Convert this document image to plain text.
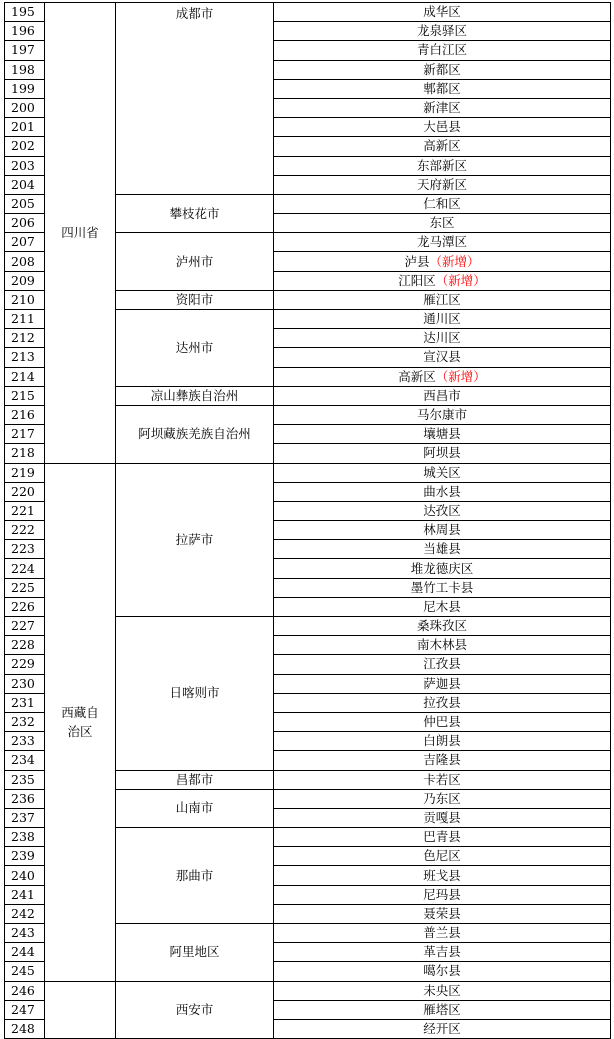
195	四川省	成都市	成华区
196			龙泉驿区
197			青白江区
198			新都区
199			郫都区
200			新津区
201			大邑县
202			高新区
203			东部新区
204			天府新区
205		攀枝花市	仁和区
206			东区
207		泸州市	龙马潭区
208			泸县（新增）
209			江阳区（新增）
210		资阳市	雁江区
211		达州市	通川区
212			达川区
213			宣汉县
214			高新区（新增）
215		凉山彝族自治州	西昌市
216		阿坝藏族羌族自治州	马尔康市
217			壤塘县
218			阿坝县
219	西藏自治区	拉萨市	城关区
220			曲水县
221			达孜区
222			林周县
223			当雄县
224			堆龙德庆区
225			墨竹工卡县
226			尼木县
227		日喀则市	桑珠孜区
228			南木林县
229			江孜县
230			萨迦县
231			拉孜县
232			仲巴县
233			白朗县
234			吉隆县
235		昌都市	卡若区
236		山南市	乃东区
237			贡嘎县
238		那曲市	巴青县
239			色尼区
240			班戈县
241			尼玛县
242			聂荣县
243		阿里地区	普兰县
244			革吉县
245			噶尔县
246		西安市	未央区
247			雁塔区
248			经开区
